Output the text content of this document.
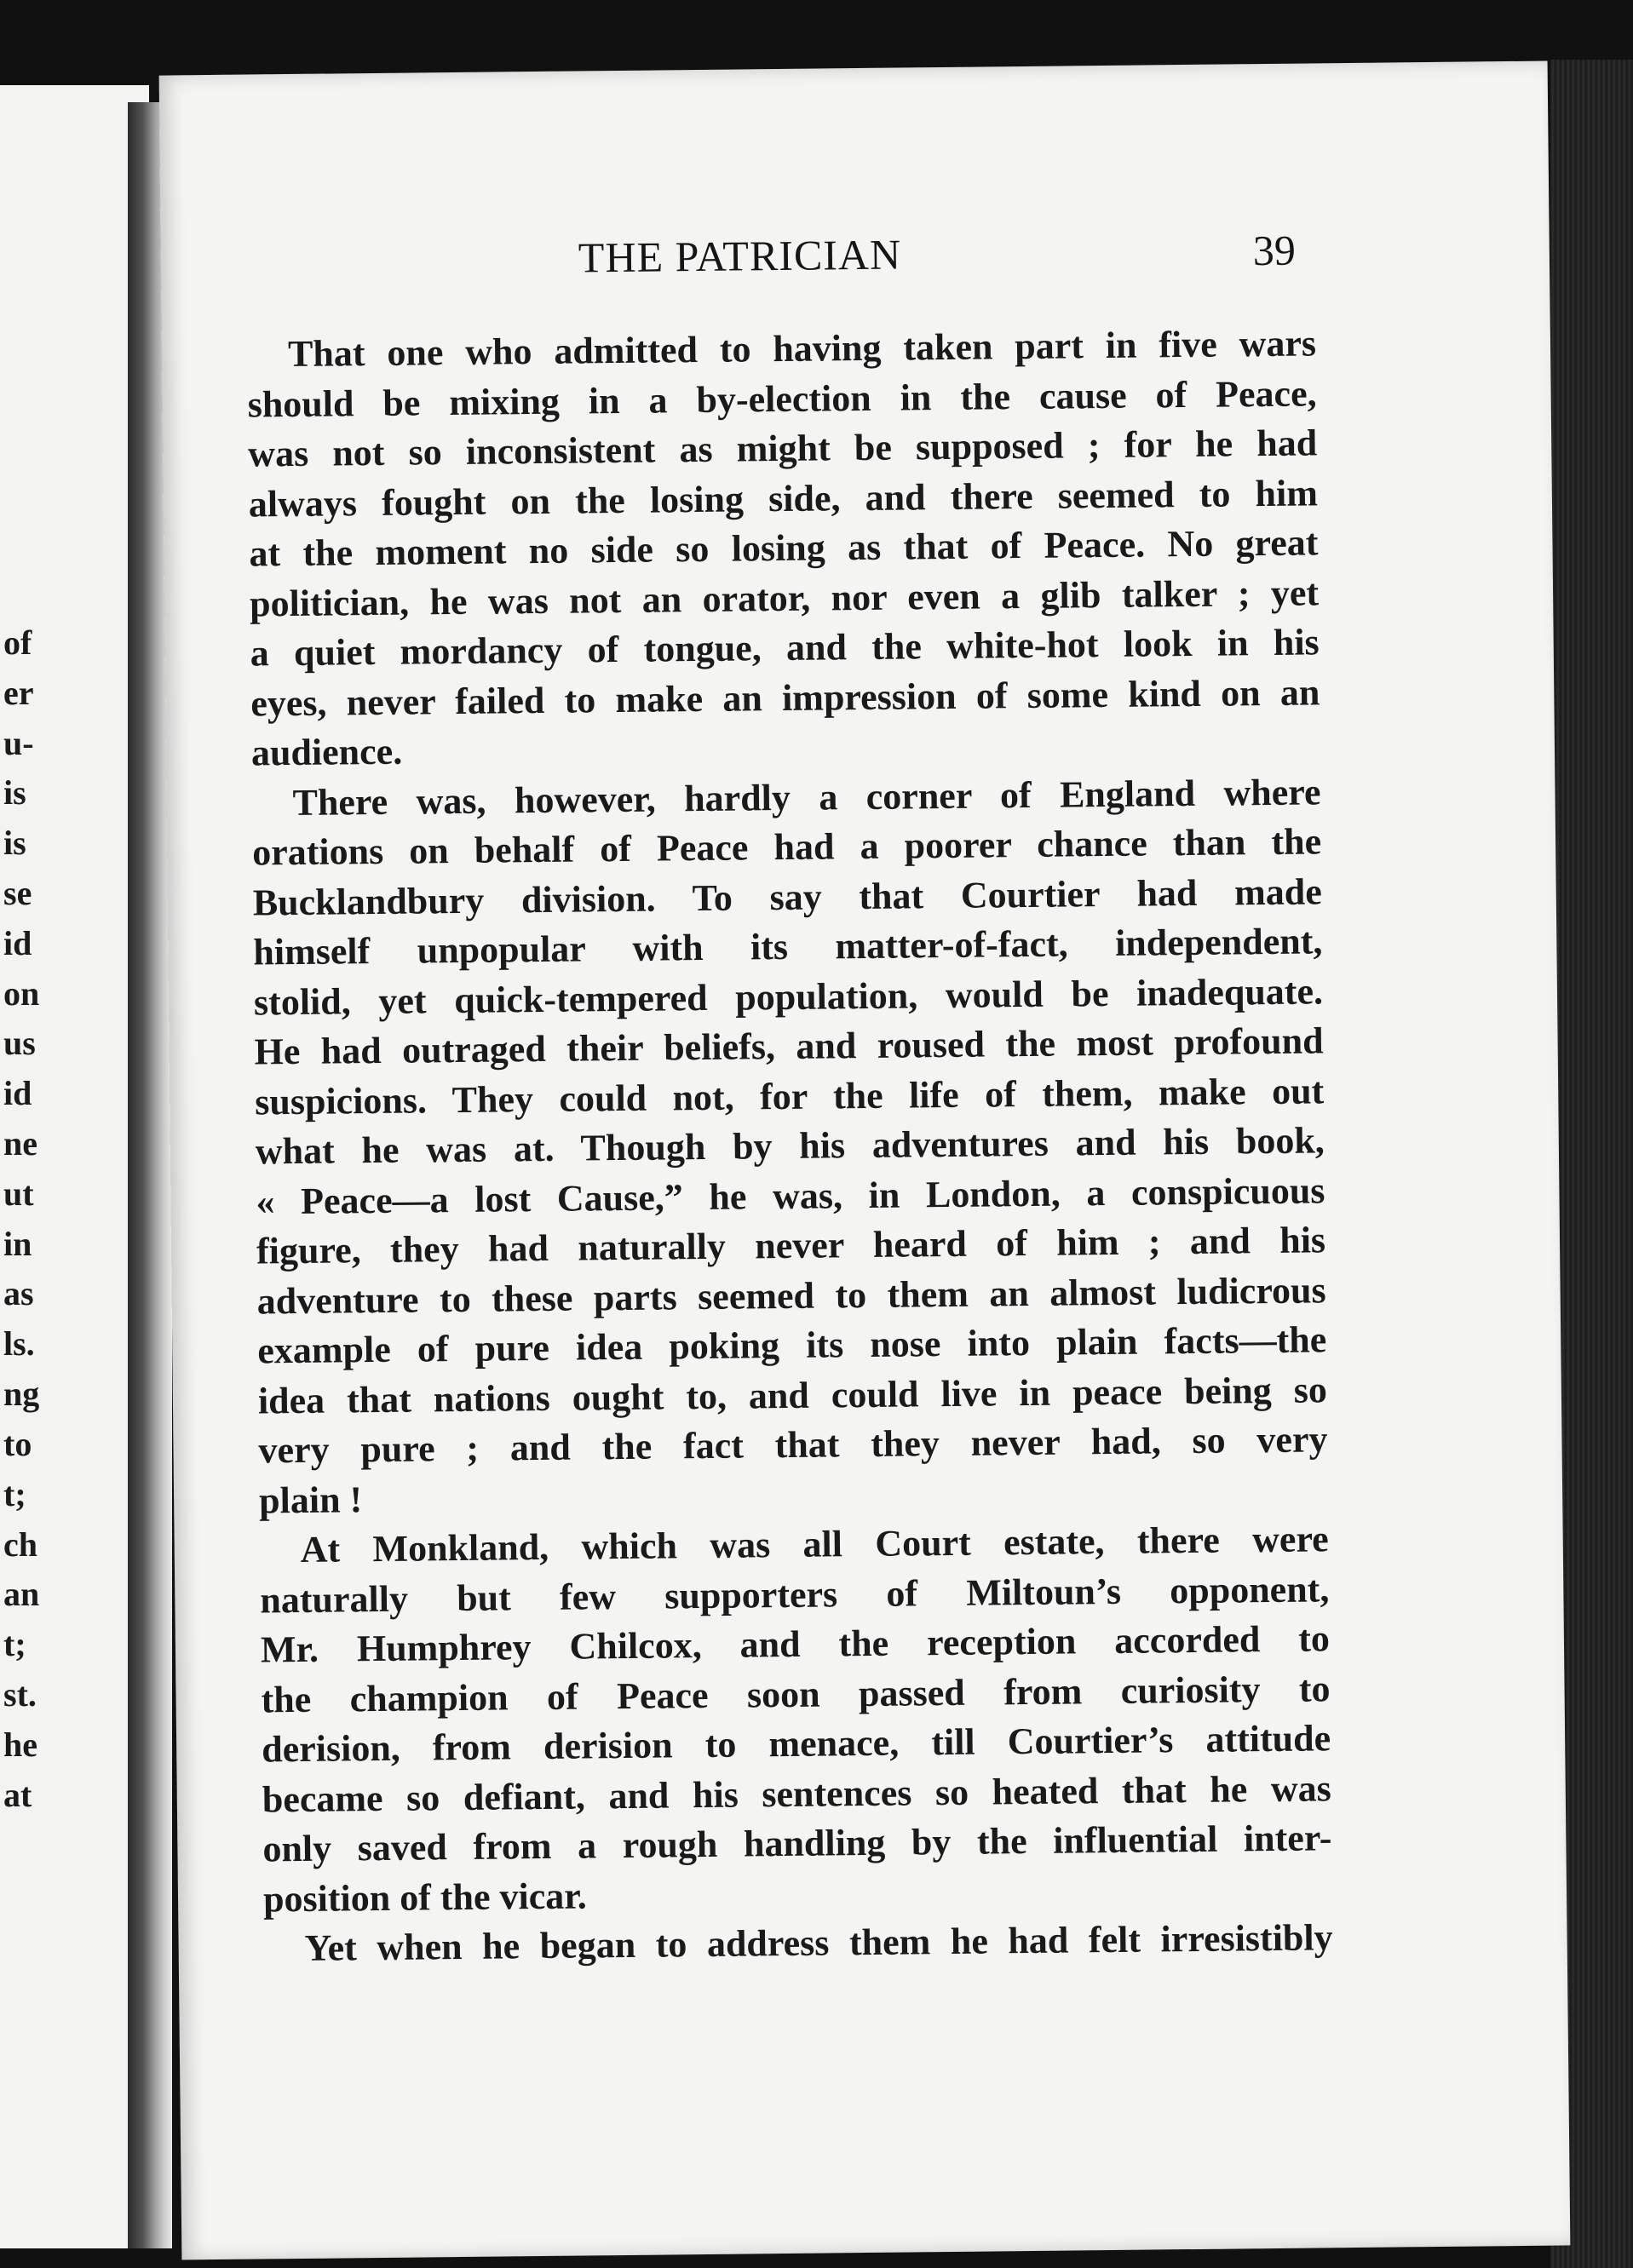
of
er
u-
is
is
se
id
on
us
id
ne
ut
in
as
ls.
ng
to
t;
ch
an
t;
st.
he
at
THE PATRICIAN	39
That one who admitted to having taken part in five wars
should be mixing in a by-election in the cause of Peace,
was not so inconsistent as might be supposed ; for he had
always fought on the losing side, and there seemed to him
at the moment no side so losing as that of Peace. No great
politician, he was not an orator, nor even a glib talker ; yet
a quiet mordancy of tongue, and the white-hot look in his
eyes, never failed to make an impression of some kind on an
audience.
There was, however, hardly a corner of England where
orations on behalf of Peace had a poorer chance than the
Bucklandbury division. To say that Courtier had made
himself unpopular with its matter-of-fact, independent,
stolid, yet quick-tempered population, would be inadequate.
He had outraged their beliefs, and roused the most profound
suspicions. They could not, for the life of them, make out
what he was at. Though by his adventures and his book,
« Peace—a lost Cause,” he was, in London, a conspicuous
figure, they had naturally never heard of him ; and his
adventure to these parts seemed to them an almost ludicrous
example of pure idea poking its nose into plain facts—the
idea that nations ought to, and could live in peace being so
very pure ; and the fact that they never had, so very
plain !
At Monkland, which was all Court estate, there were
naturally but few supporters of Miltoun’s opponent,
Mr. Humphrey Chilcox, and the reception accorded to
the champion of Peace soon passed from curiosity to
derision, from derision to menace, till Courtier’s attitude
became so defiant, and his sentences so heated that he was
only saved from a rough handling by the influential inter-
position of the vicar.
Yet when he began to address them he had felt irresistibly
